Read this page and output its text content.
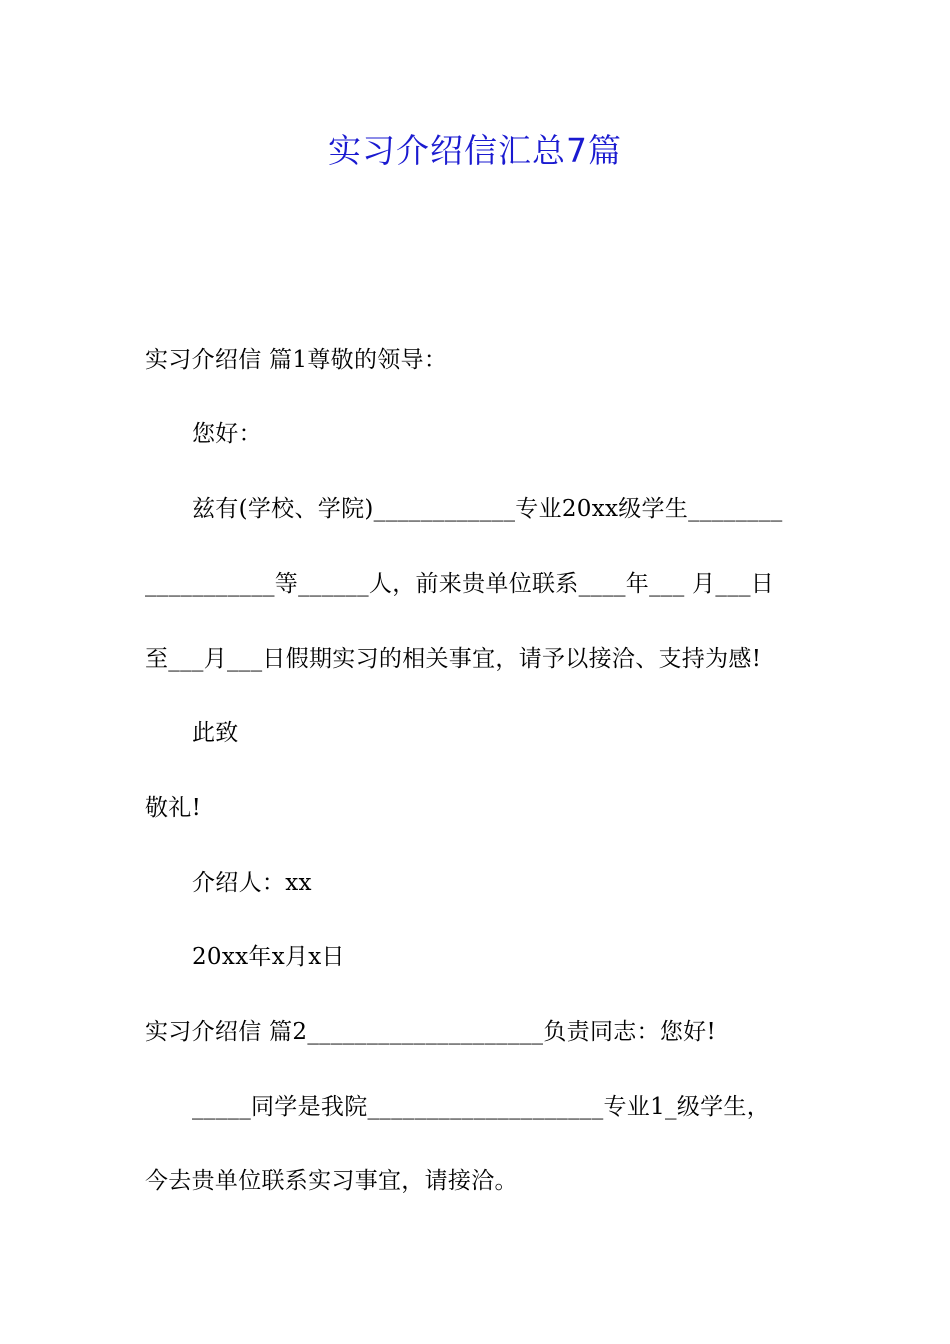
实习介绍信汇总7篇
实习介绍信 篇1尊敬的领导：
您好：
兹有(学校、学院)____________专业20xx级学生________
___________等______人，前来贵单位联系____年___ 月___日
至___月___日假期实习的相关事宜，请予以接洽、支持为感!
此致
敬礼!
介绍人：xx
20xx年x月x日
实习介绍信 篇2____________________负责同志：您好!
_____同学是我院____________________专业1_级学生，
今去贵单位联系实习事宜，请接洽。
